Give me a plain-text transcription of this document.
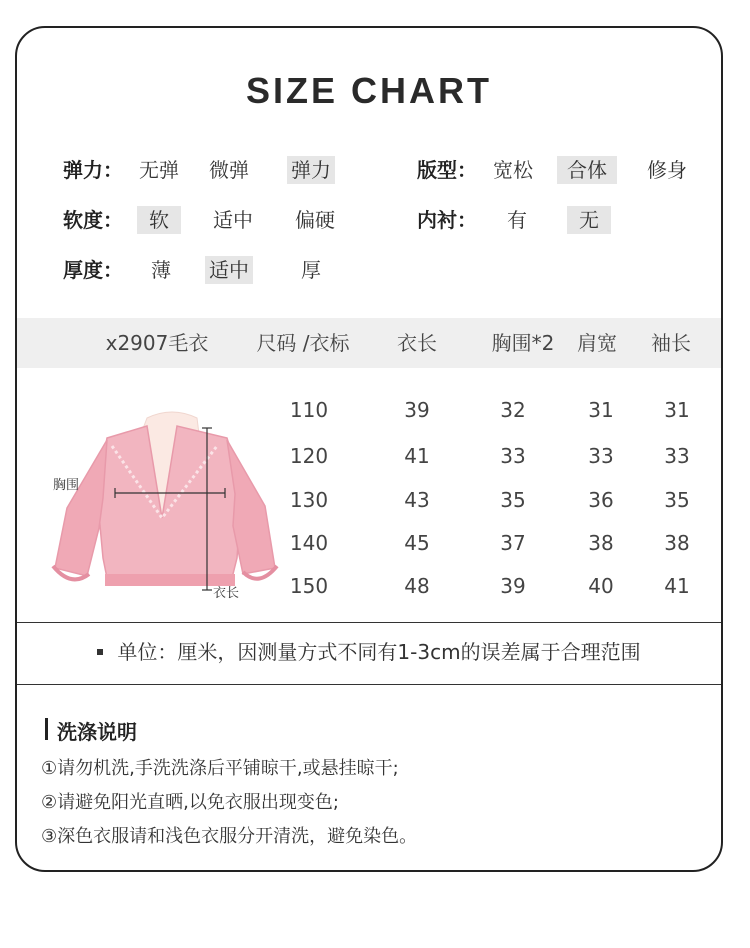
SIZE CHART
弹力： 无弹 微弹 弹力	版型： 宽松	合体	修身
软度：	软	适中 偏硬	内衬： 有	无
厚度： 薄 适中	厚
x2907毛衣	尺码 /衣标	衣长	胸围*2	肩宽	袖长
胸围
衣长
110	39	32	31	31
120	41	33	33	33
130	43	35	36	35
140	45	37	38	38
150	48	39	40	41
单位：厘米，因测量方式不同有1-3cm的误差属于合理范围
洗涤说明
①请勿机洗,手洗洗涤后平铺晾干,或悬挂晾干;
②请避免阳光直晒,以免衣服出现变色;
③深色衣服请和浅色衣服分开清洗，避免染色。
